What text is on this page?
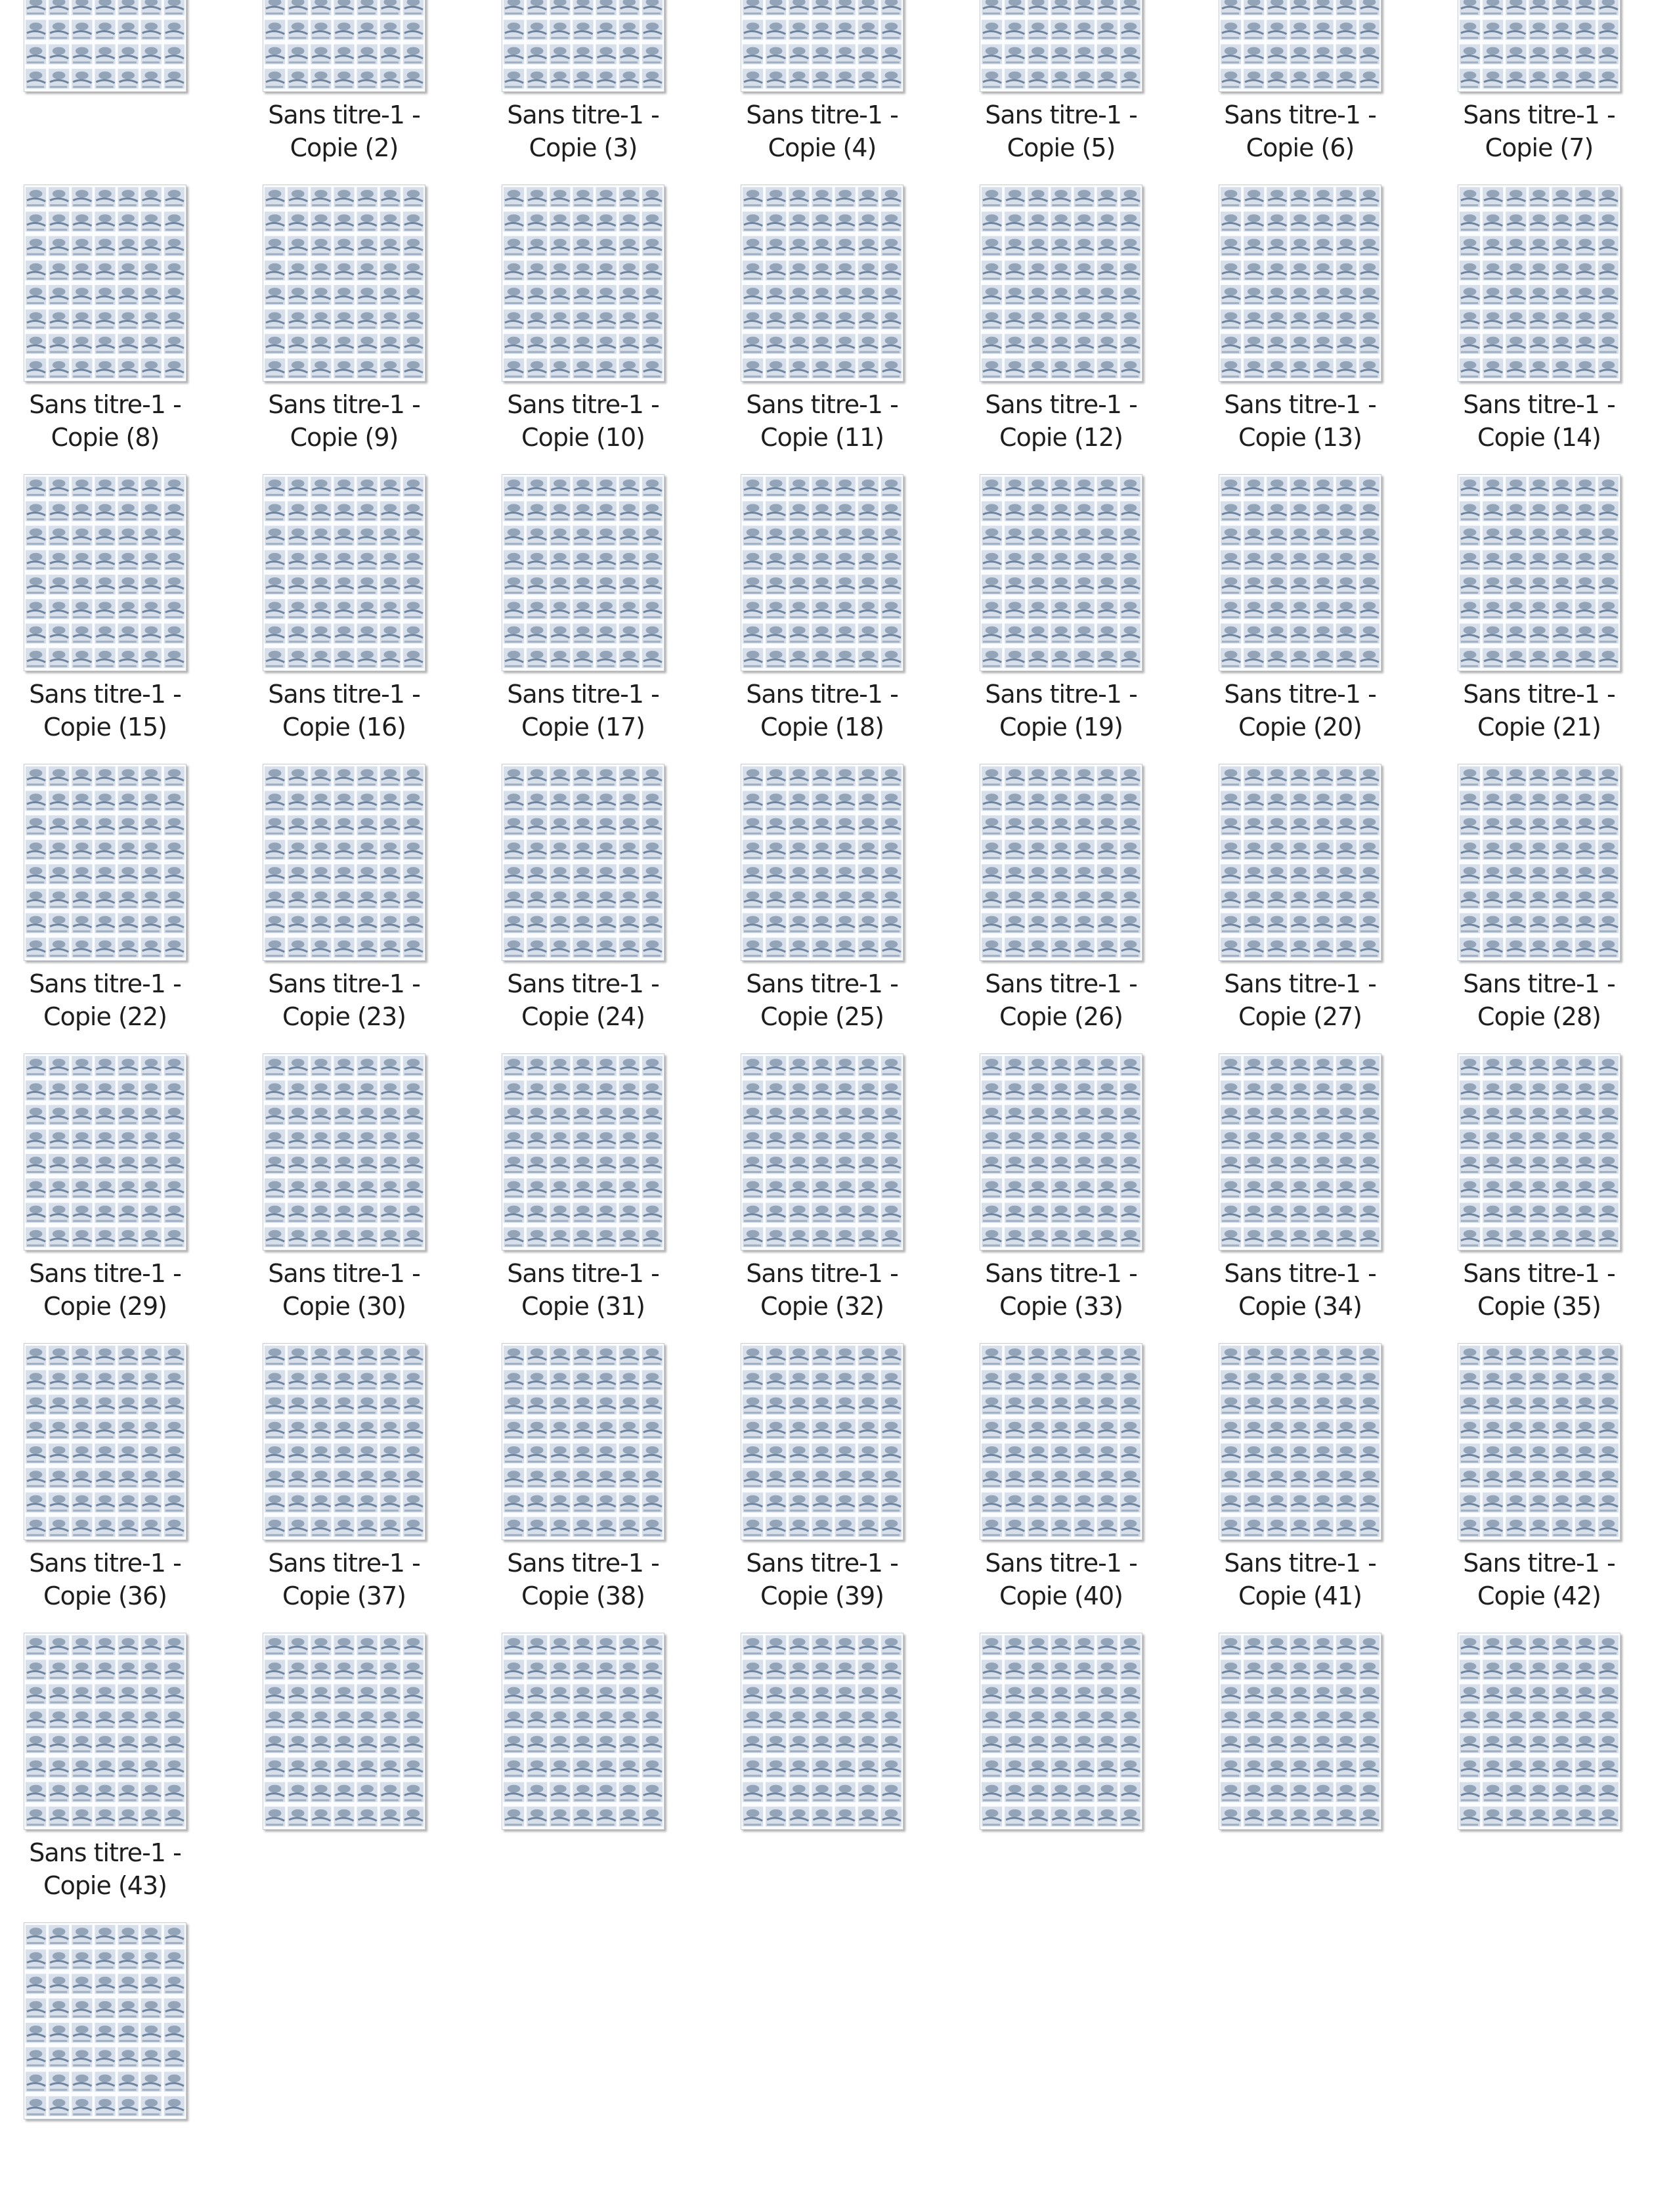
Sans titre-1 -
Copie (2)
Sans titre-1 -
Copie (3)
Sans titre-1 -
Copie (4)
Sans titre-1 -
Copie (5)
Sans titre-1 -
Copie (6)
Sans titre-1 -
Copie (7)
Sans titre-1 -
Copie (8)
Sans titre-1 -
Copie (9)
Sans titre-1 -
Copie (10)
Sans titre-1 -
Copie (11)
Sans titre-1 -
Copie (12)
Sans titre-1 -
Copie (13)
Sans titre-1 -
Copie (14)
Sans titre-1 -
Copie (15)
Sans titre-1 -
Copie (16)
Sans titre-1 -
Copie (17)
Sans titre-1 -
Copie (18)
Sans titre-1 -
Copie (19)
Sans titre-1 -
Copie (20)
Sans titre-1 -
Copie (21)
Sans titre-1 -
Copie (22)
Sans titre-1 -
Copie (23)
Sans titre-1 -
Copie (24)
Sans titre-1 -
Copie (25)
Sans titre-1 -
Copie (26)
Sans titre-1 -
Copie (27)
Sans titre-1 -
Copie (28)
Sans titre-1 -
Copie (29)
Sans titre-1 -
Copie (30)
Sans titre-1 -
Copie (31)
Sans titre-1 -
Copie (32)
Sans titre-1 -
Copie (33)
Sans titre-1 -
Copie (34)
Sans titre-1 -
Copie (35)
Sans titre-1 -
Copie (36)
Sans titre-1 -
Copie (37)
Sans titre-1 -
Copie (38)
Sans titre-1 -
Copie (39)
Sans titre-1 -
Copie (40)
Sans titre-1 -
Copie (41)
Sans titre-1 -
Copie (42)
Sans titre-1 -
Copie (43)
